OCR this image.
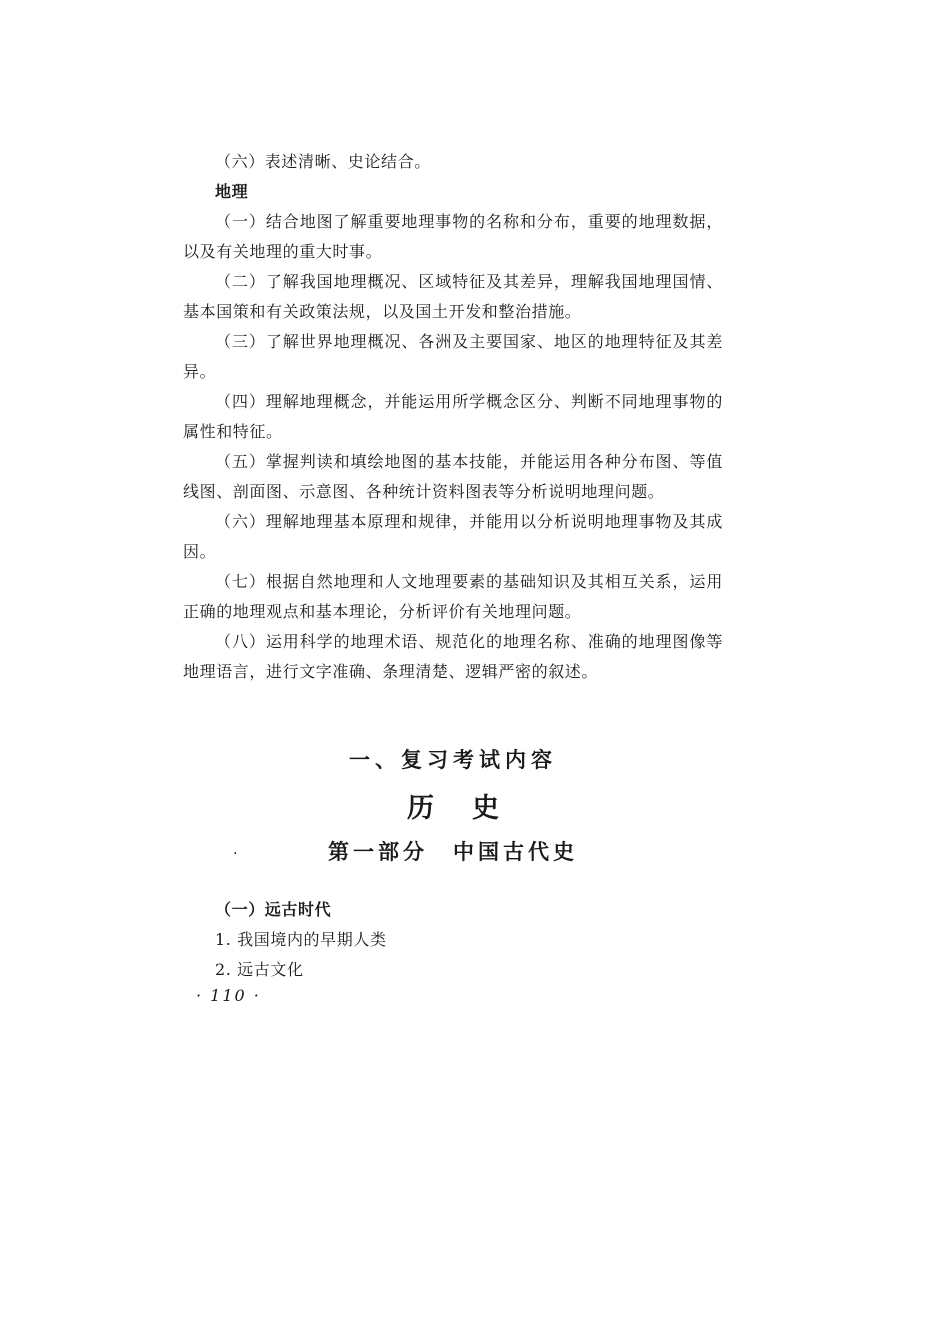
（六）表述清晰、史论结合。

地理

（一）结合地图了解重要地理事物的名称和分布，重要的地理数据，以及有关地理的重大时事。

（二）了解我国地理概况、区域特征及其差异，理解我国地理国情、基本国策和有关政策法规，以及国土开发和整治措施。

（三）了解世界地理概况、各洲及主要国家、地区的地理特征及其差异。

（四）理解地理概念，并能运用所学概念区分、判断不同地理事物的属性和特征。

（五）掌握判读和填绘地图的基本技能，并能运用各种分布图、等值线图、剖面图、示意图、各种统计资料图表等分析说明地理问题。

（六）理解地理基本原理和规律，并能用以分析说明地理事物及其成因。

（七）根据自然地理和人文地理要素的基础知识及其相互关系，运用正确的地理观点和基本理论，分析评价有关地理问题。

（八）运用科学的地理术语、规范化的地理名称、准确的地理图像等地理语言，进行文字准确、条理清楚、逻辑严密的叙述。

一、复习考试内容
历史
·	第一部分　中国古代史

（一）远古时代

1. 我国境内的早期人类

2. 远古文化

· 110 ·
